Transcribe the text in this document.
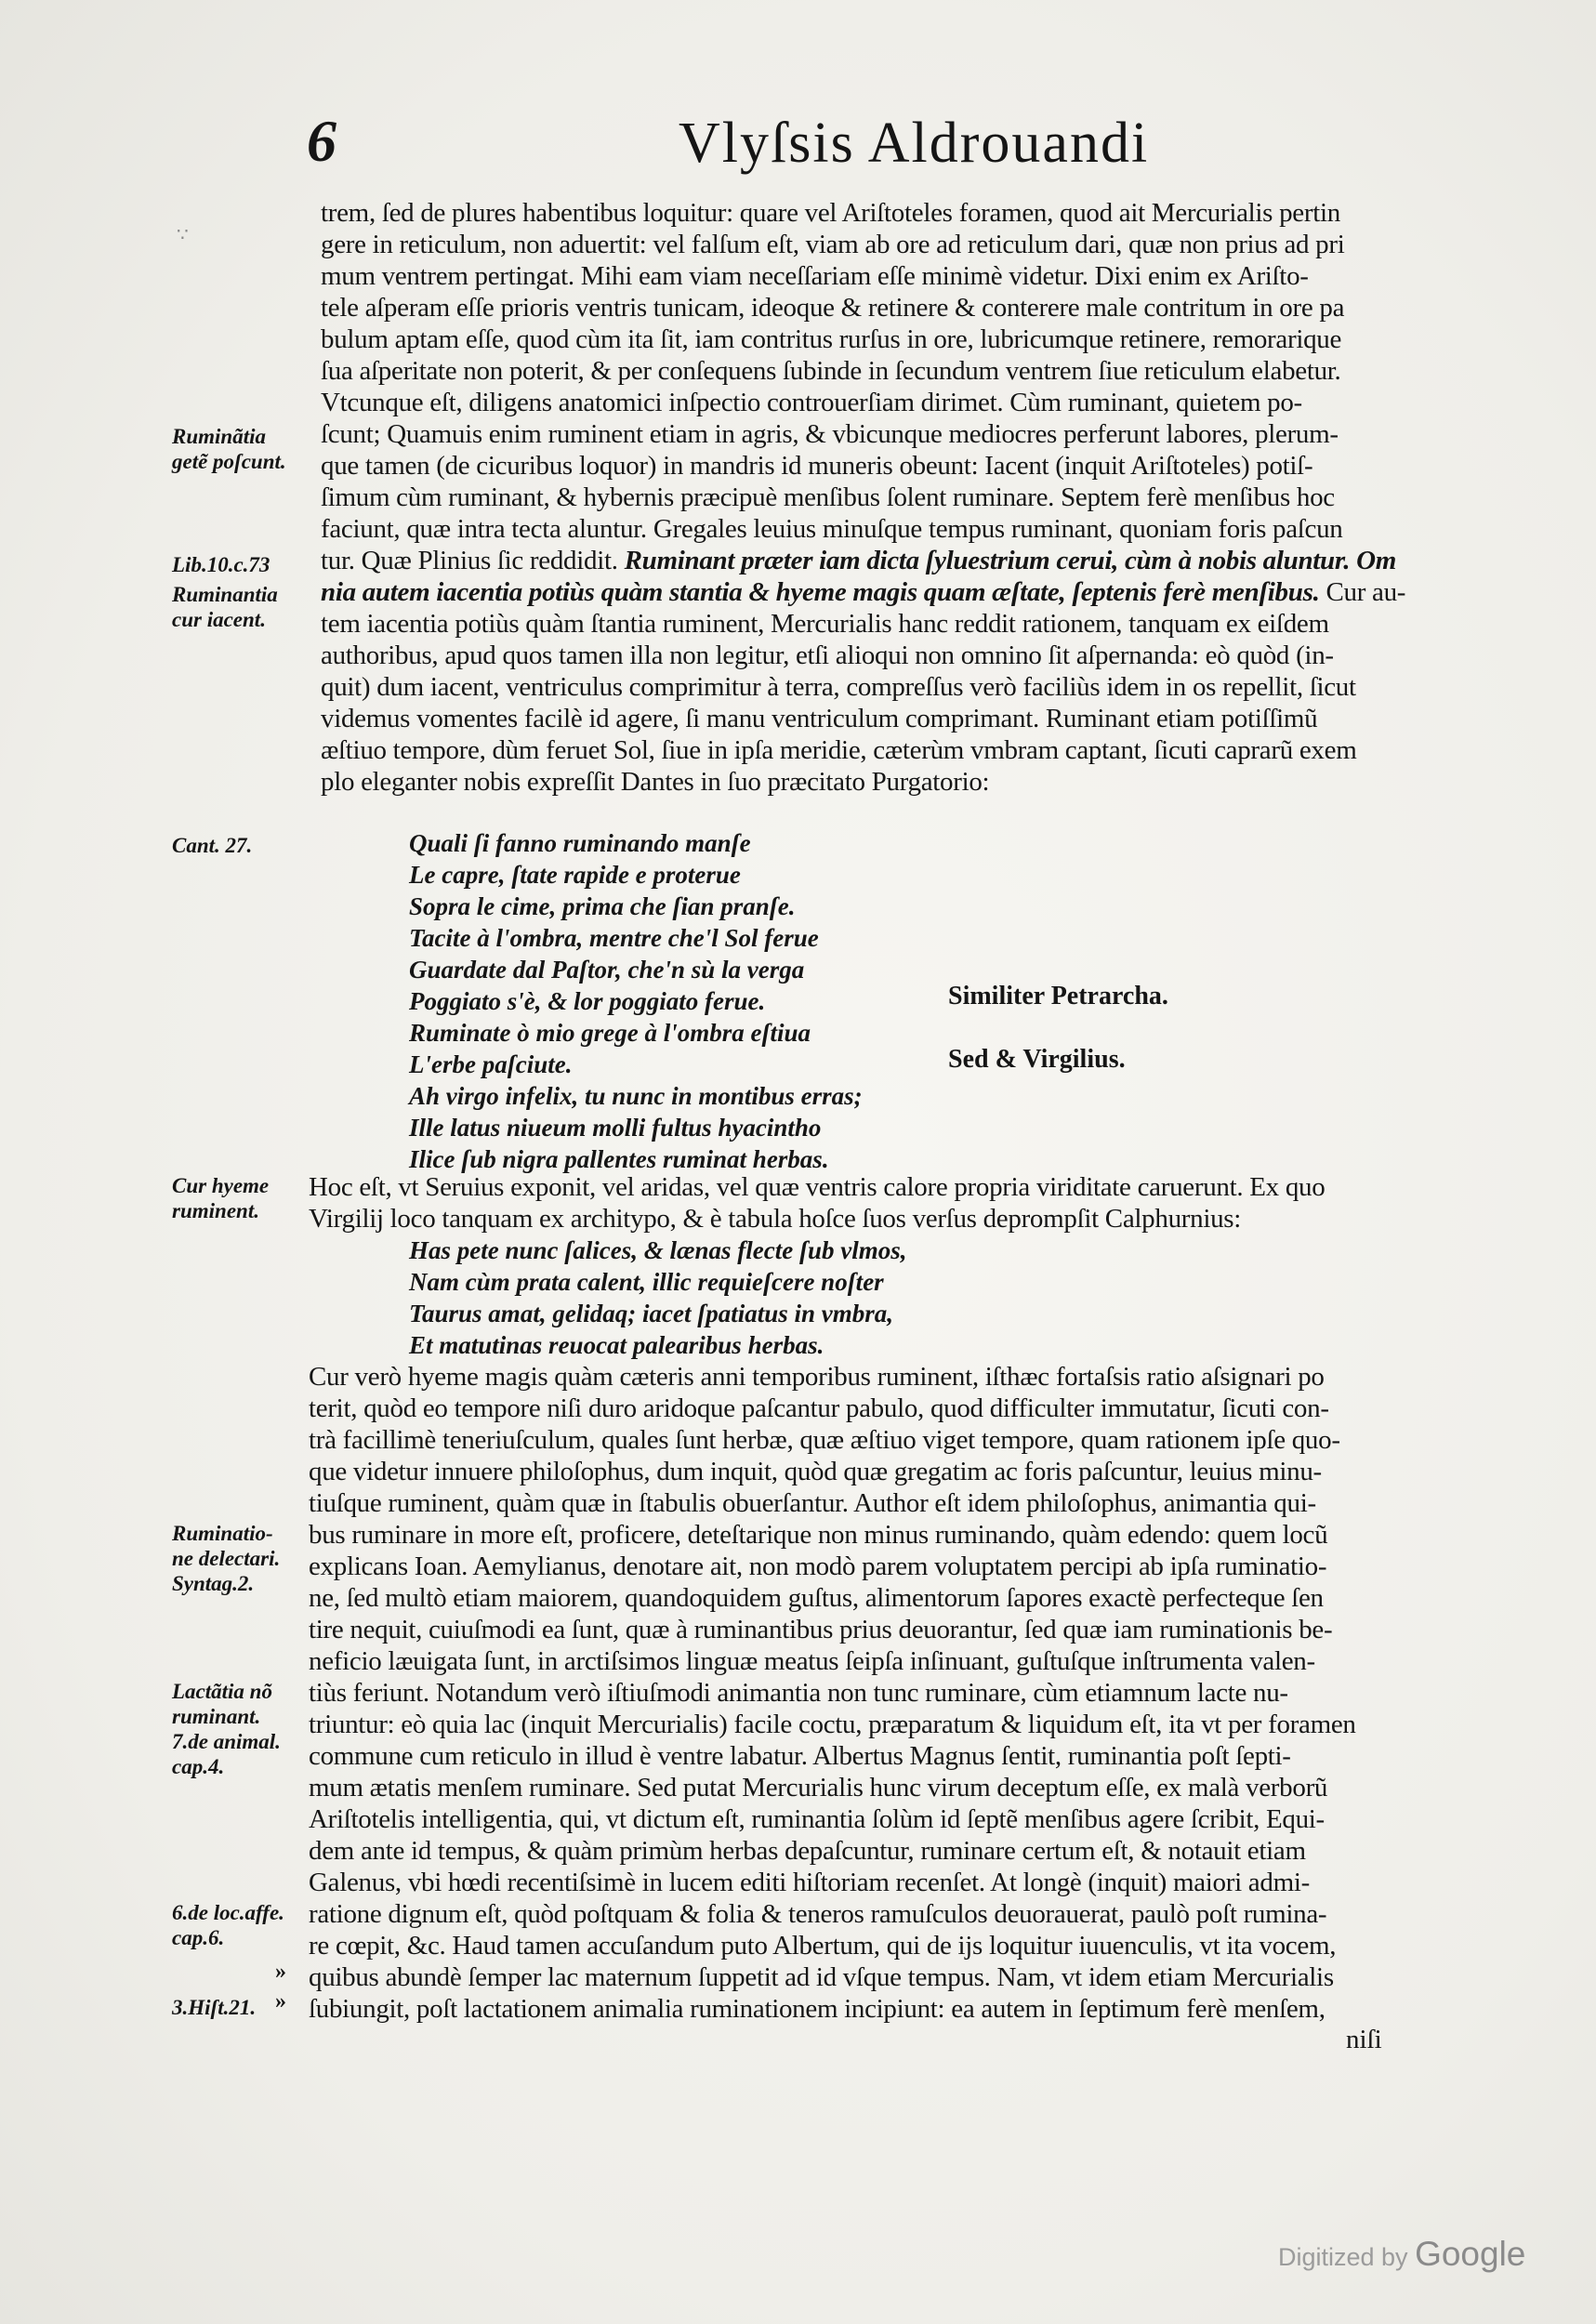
∵
6	Vlyſsis Aldrouandi
trem, ſed de plures habentibus loquitur: quare vel Ariſtoteles foramen, quod ait Mercurialis pertin
gere in reticulum, non aduertit: vel falſum eſt, viam ab ore ad reticulum dari, quæ non prius ad pri
mum ventrem pertingat. Mihi eam viam neceſſariam eſſe minimè videtur. Dixi enim ex Ariſto-
tele aſperam eſſe prioris ventris tunicam, ideoque & retinere & conterere male contritum in ore pa
bulum aptam eſſe, quod cùm ita ſit, iam contritus rurſus in ore, lubricumque retinere, remorarique
ſua aſperitate non poterit, & per conſequens ſubinde in ſecundum ventrem ſiue reticulum elabetur.
Vtcunque eſt, diligens anatomici inſpectio controuerſiam dirimet. Cùm ruminant, quietem po-
ſcunt; Quamuis enim ruminent etiam in agris, & vbicunque mediocres perferunt labores, plerum-
que tamen (de cicuribus loquor) in mandris id muneris obeunt: Iacent (inquit Ariſtoteles) potiſ-
ſimum cùm ruminant, & hybernis præcipuè menſibus ſolent ruminare. Septem ferè menſibus hoc
faciunt, quæ intra tecta aluntur. Gregales leuius minuſque tempus ruminant, quoniam foris paſcun
tur. Quæ Plinius ſic reddidit. Ruminant præter iam dicta ſyluestrium cerui, cùm à nobis aluntur. Om
nia autem iacentia potiùs quàm stantia & hyeme magis quam æſtate, ſeptenis ferè menſibus. Cur au-
tem iacentia potiùs quàm ſtantia ruminent, Mercurialis hanc reddit rationem, tanquam ex eiſdem
authoribus, apud quos tamen illa non legitur, etſi alioqui non omnino ſit aſpernanda: eò quòd (in-
quit) dum iacent, ventriculus comprimitur à terra, compreſſus verò faciliùs idem in os repellit, ſicut
videmus vomentes facilè id agere, ſi manu ventriculum comprimant. Ruminant etiam potiſſimũ
æſtiuo tempore, dùm feruet Sol, ſiue in ipſa meridie, cæterùm vmbram captant, ſicuti caprarũ exem
plo eleganter nobis expreſſit Dantes in ſuo præcitato Purgatorio:
Quali ſi fanno ruminando manſe
Le capre, ſtate rapide e proterue
Sopra le cime, prima che ſian pranſe.
Tacite à l'ombra, mentre che'l Sol ferue
Guardate dal Paſtor, che'n sù la verga
Poggiato s'è, & lor poggiato ferue.
Ruminate ò mio grege à l'ombra eſtiua
L'erbe paſciute.
Ah virgo infelix, tu nunc in montibus erras;
Ille latus niueum molli fultus hyacintho
Ilice ſub nigra pallentes ruminat herbas.
Similiter Petrarcha.
Sed & Virgilius.
Hoc eſt, vt Seruius exponit, vel aridas, vel quæ ventris calore propria viriditate caruerunt. Ex quo
Virgilij loco tanquam ex architypo, & è tabula hoſce ſuos verſus deprompſit Calphurnius:
Has pete nunc ſalices, & lænas flecte ſub vlmos,
Nam cùm prata calent, illic requieſcere noſter
Taurus amat, gelidaq; iacet ſpatiatus in vmbra,
Et matutinas reuocat palearibus herbas.
Cur verò hyeme magis quàm cæteris anni temporibus ruminent, iſthæc fortaſsis ratio aſsignari po
terit, quòd eo tempore niſi duro aridoque paſcantur pabulo, quod difficulter immutatur, ſicuti con-
trà facillimè teneriuſculum, quales ſunt herbæ, quæ æſtiuo viget tempore, quam rationem ipſe quo-
que videtur innuere philoſophus, dum inquit, quòd quæ gregatim ac foris paſcuntur, leuius minu-
tiuſque ruminent, quàm quæ in ſtabulis obuerſantur. Author eſt idem philoſophus, animantia qui-
bus ruminare in more eſt, proficere, deteſtarique non minus ruminando, quàm edendo: quem locũ
explicans Ioan. Aemylianus, denotare ait, non modò parem voluptatem percipi ab ipſa ruminatio-
ne, ſed multò etiam maiorem, quandoquidem guſtus, alimentorum ſapores exactè perfecteque ſen
tire nequit, cuiuſmodi ea ſunt, quæ à ruminantibus prius deuorantur, ſed quæ iam ruminationis be-
neficio læuigata ſunt, in arctiſsimos linguæ meatus ſeipſa inſinuant, guſtuſque inſtrumenta valen-
tiùs feriunt. Notandum verò iſtiuſmodi animantia non tunc ruminare, cùm etiamnum lacte nu-
triuntur: eò quia lac (inquit Mercurialis) facile coctu, præparatum & liquidum eſt, ita vt per foramen
commune cum reticulo in illud è ventre labatur. Albertus Magnus ſentit, ruminantia poſt ſepti-
mum ætatis menſem ruminare. Sed putat Mercurialis hunc virum deceptum eſſe, ex malà verborũ
Ariſtotelis intelligentia, qui, vt dictum eſt, ruminantia ſolùm id ſeptẽ menſibus agere ſcribit, Equi-
dem ante id tempus, & quàm primùm herbas depaſcuntur, ruminare certum eſt, & notauit etiam
Galenus, vbi hœdi recentiſsimè in lucem editi hiſtoriam recenſet. At longè (inquit) maiori admi-
ratione dignum eſt, quòd poſtquam & folia & teneros ramuſculos deuorauerat, paulò poſt rumina-
re cœpit, &c. Haud tamen accuſandum puto Albertum, qui de ijs loquitur iuuenculis, vt ita vocem,
quibus abundè ſemper lac maternum ſuppetit ad id vſque tempus. Nam, vt idem etiam Mercurialis
ſubiungit, poſt lactationem animalia ruminationem incipiunt: ea autem in ſeptimum ferè menſem,
niſi
Ruminãtia
getẽ poſcunt.
Lib.10.c.73
Ruminantia
cur iacent.
Cant. 27.
Cur hyeme
ruminent.
Ruminatio-
ne delectari.
Syntag.2.
Lactãtia nõ
ruminant.
7.de animal.
cap.4.
6.de loc.affe.
cap.6.
»
»
3.Hiſt.21.
Digitized by Google
